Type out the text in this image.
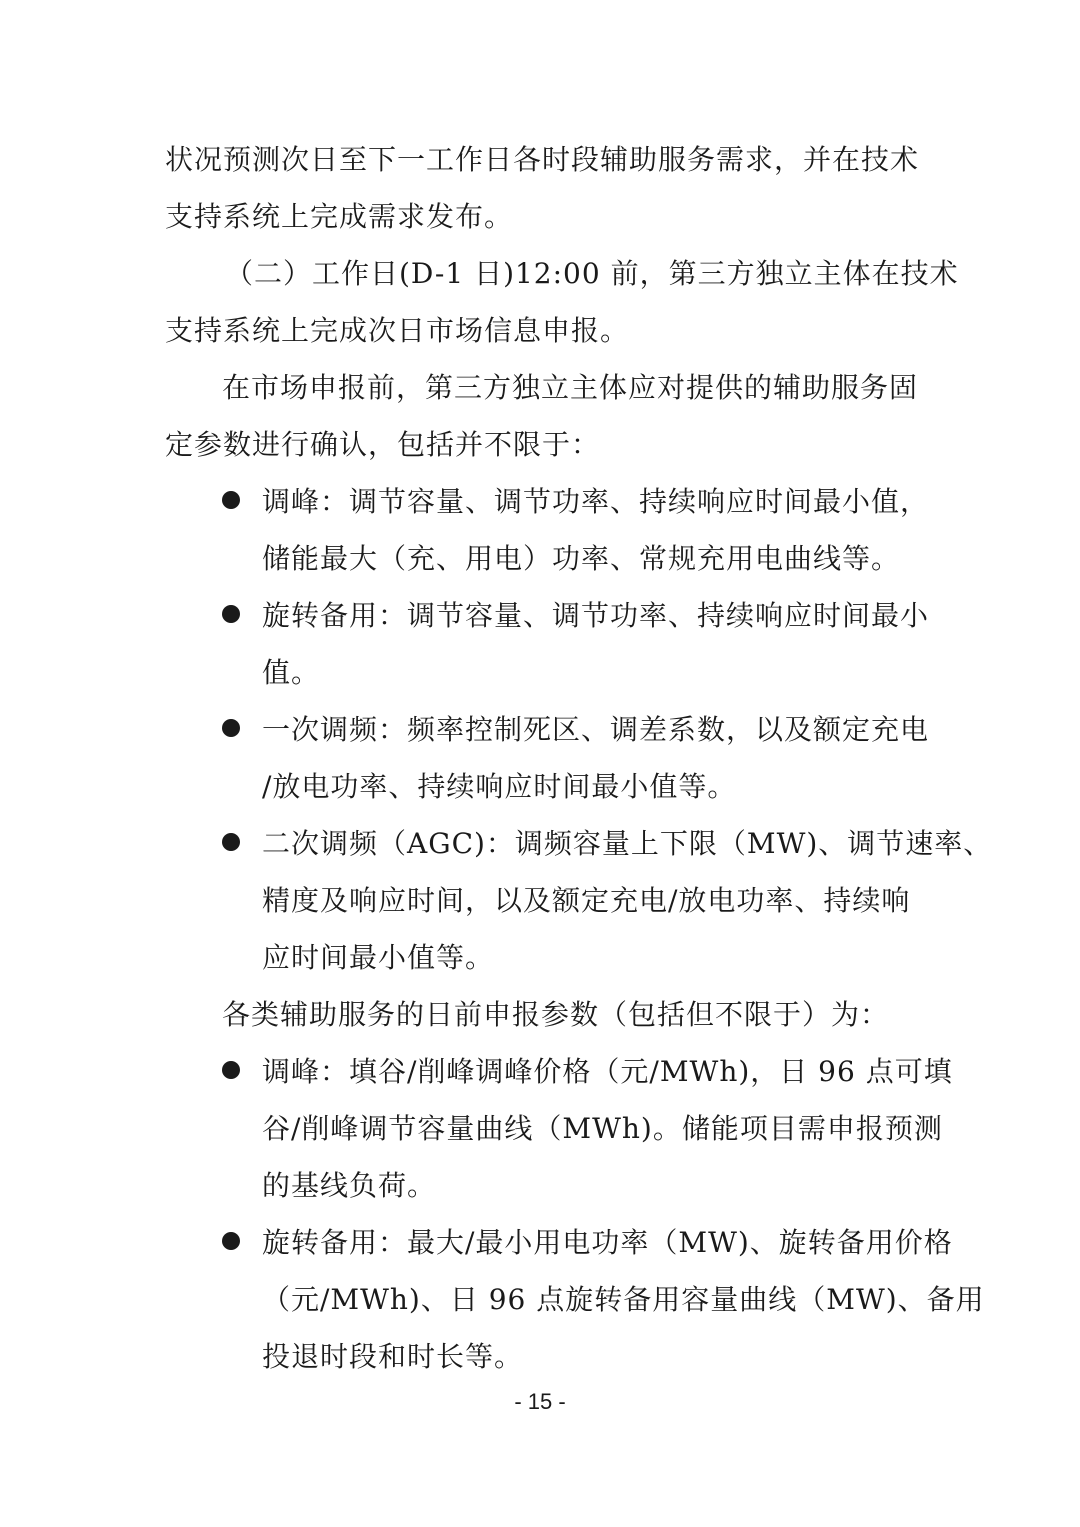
状况预测次日至下一工作日各时段辅助服务需求，并在技术
支持系统上完成需求发布。
（二）工作日(D-1 日)12:00 前，第三方独立主体在技术
支持系统上完成次日市场信息申报。
在市场申报前，第三方独立主体应对提供的辅助服务固
定参数进行确认，包括并不限于：
调峰：调节容量、调节功率、持续响应时间最小值，
储能最大（充、用电）功率、常规充用电曲线等。
旋转备用：调节容量、调节功率、持续响应时间最小
值。
一次调频：频率控制死区、调差系数，以及额定充电
/放电功率、持续响应时间最小值等。
二次调频（AGC)：调频容量上下限（MW)、调节速率、
精度及响应时间，以及额定充电/放电功率、持续响
应时间最小值等。
各类辅助服务的日前申报参数（包括但不限于）为：
调峰：填谷/削峰调峰价格（元/MWh)，日 96 点可填
谷/削峰调节容量曲线（MWh)。储能项目需申报预测
的基线负荷。
旋转备用：最大/最小用电功率（MW)、旋转备用价格
（元/MWh)、日 96 点旋转备用容量曲线（MW)、备用
投退时段和时长等。
- 15 -
